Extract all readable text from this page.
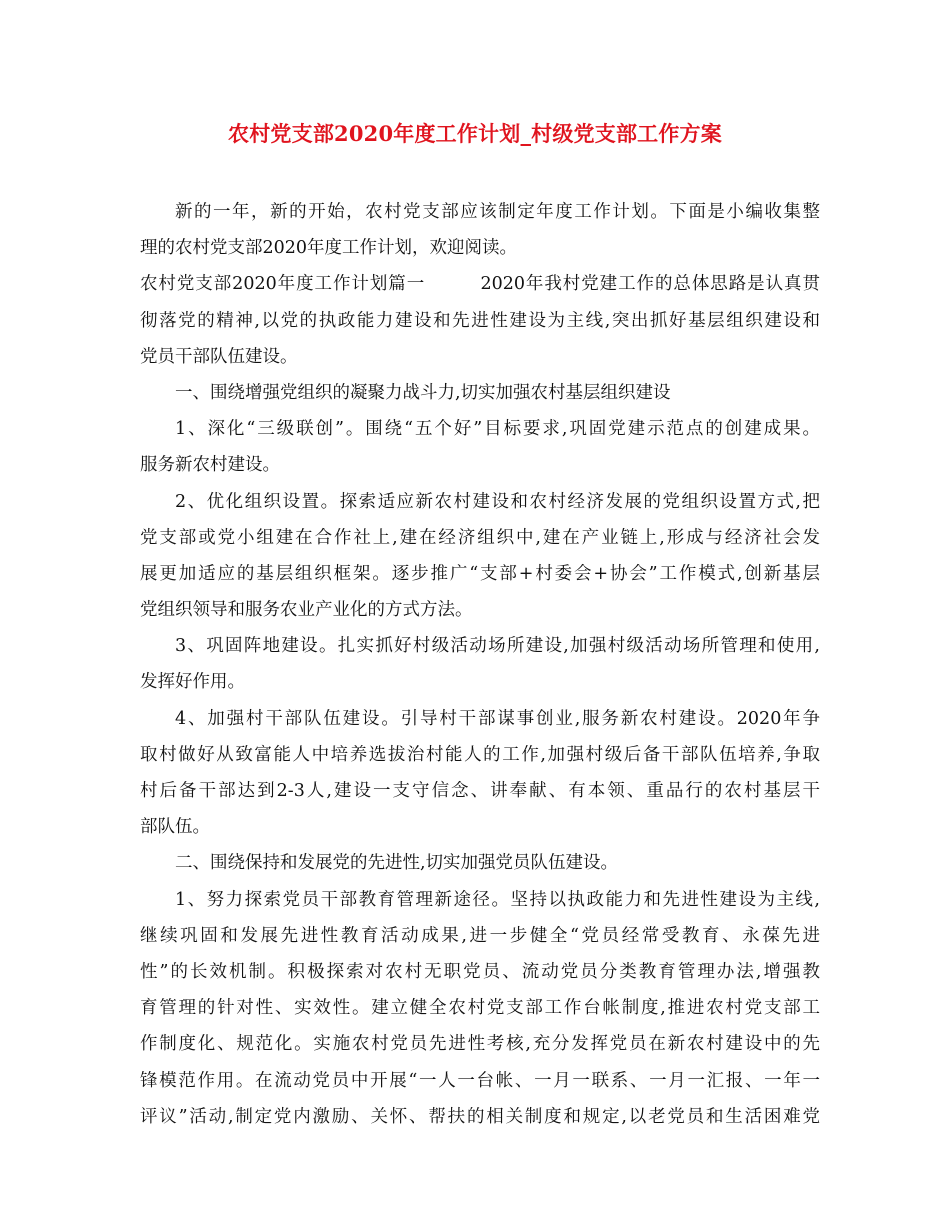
农村党支部2020年度工作计划_村级党支部工作方案
新的一年，新的开始，农村党支部应该制定年度工作计划。下面是小编收集整
理的农村党支部2020年度工作计划，欢迎阅读。
农村党支部2020年度工作计划篇一　　　2020年我村党建工作的总体思路是认真贯
彻落党的精神,以党的执政能力建设和先进性建设为主线,突出抓好基层组织建设和
党员干部队伍建设。
一、围绕增强党组织的凝聚力战斗力,切实加强农村基层组织建设
1、深化“三级联创”。围绕“五个好”目标要求,巩固党建示范点的创建成果。
服务新农村建设。
2、优化组织设置。探索适应新农村建设和农村经济发展的党组织设置方式,把
党支部或党小组建在合作社上,建在经济组织中,建在产业链上,形成与经济社会发
展更加适应的基层组织框架。逐步推广“支部+村委会+协会”工作模式,创新基层
党组织领导和服务农业产业化的方式方法。
3、巩固阵地建设。扎实抓好村级活动场所建设,加强村级活动场所管理和使用,
发挥好作用。
4、加强村干部队伍建设。引导村干部谋事创业,服务新农村建设。2020年争
取村做好从致富能人中培养选拔治村能人的工作,加强村级后备干部队伍培养,争取
村后备干部达到2-3人,建设一支守信念、讲奉献、有本领、重品行的农村基层干
部队伍。
二、围绕保持和发展党的先进性,切实加强党员队伍建设。
1、努力探索党员干部教育管理新途径。坚持以执政能力和先进性建设为主线,
继续巩固和发展先进性教育活动成果,进一步健全“党员经常受教育、永葆先进
性”的长效机制。积极探索对农村无职党员、流动党员分类教育管理办法,增强教
育管理的针对性、实效性。建立健全农村党支部工作台帐制度,推进农村党支部工
作制度化、规范化。实施农村党员先进性考核,充分发挥党员在新农村建设中的先
锋模范作用。在流动党员中开展“一人一台帐、一月一联系、一月一汇报、一年一
评议”活动,制定党内激励、关怀、帮扶的相关制度和规定,以老党员和生活困难党
